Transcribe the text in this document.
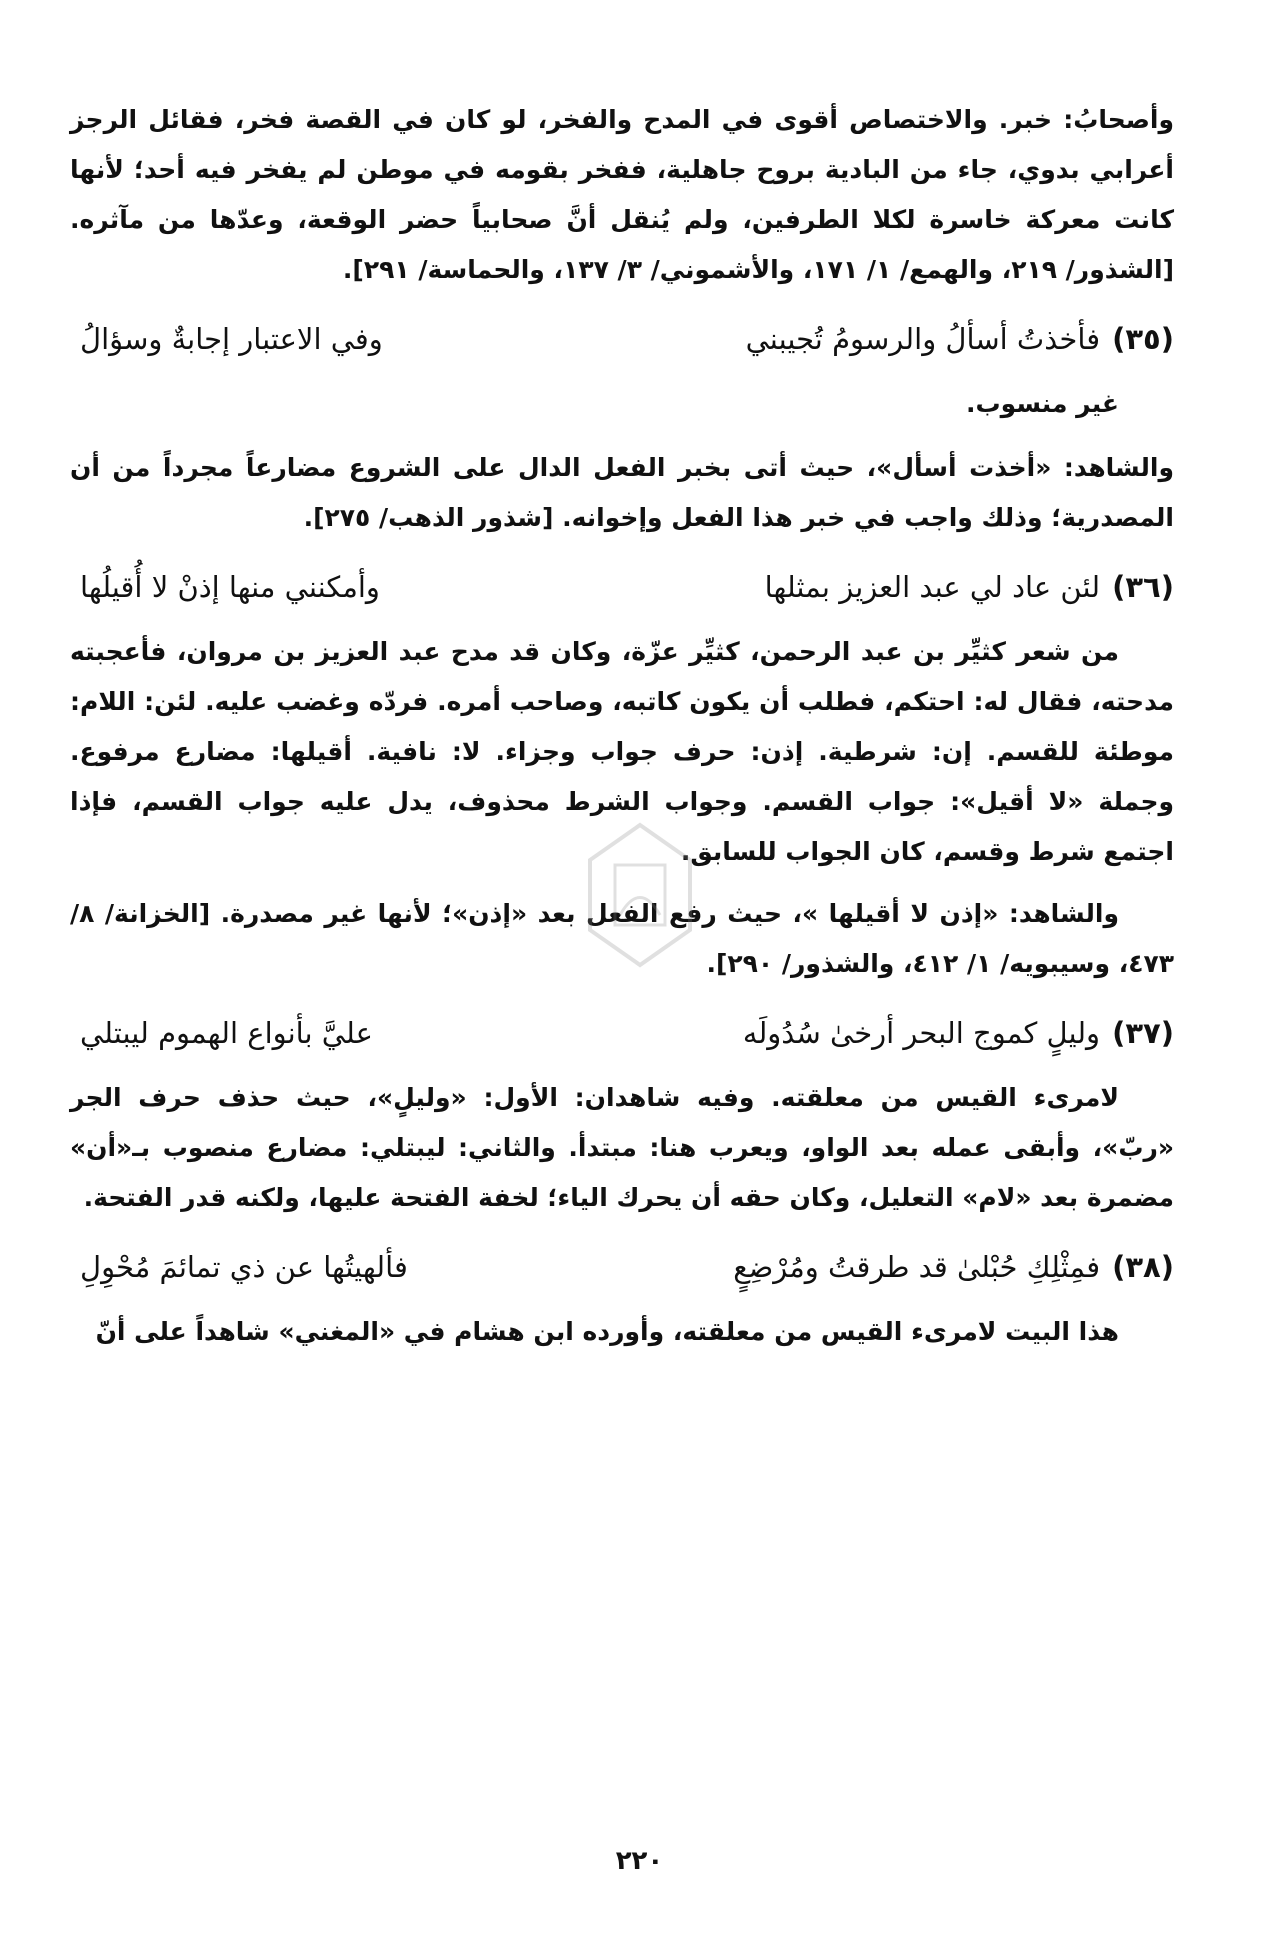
وأصحابُ: خبر. والاختصاص أقوى في المدح والفخر، لو كان في القصة فخر، فقائل الرجز أعرابي بدوي، جاء من البادية بروح جاهلية، ففخر بقومه في موطن لم يفخر فيه أحد؛ لأنها كانت معركة خاسرة لكلا الطرفين، ولم يُنقل أنَّ صحابياً حضر الوقعة، وعدّها من مآثره. [الشذور/ ٢١٩، والهمع/ ١/ ١٧١، والأشموني/ ٣/ ١٣٧، والحماسة/ ٢٩١].

(٣٥)فأخذتُ أسألُ والرسومُ تُجيبني
وفي الاعتبار إجابةٌ وسؤالُ

غير منسوب.

والشاهد: «أخذت أسأل»، حيث أتى بخبر الفعل الدال على الشروع مضارعاً مجرداً من أن المصدرية؛ وذلك واجب في خبر هذا الفعل وإخوانه. [شذور الذهب/ ٢٧٥].

(٣٦)لئن عاد لي عبد العزيز بمثلها
وأمكنني منها إذنْ لا أُقيلُها

من شعر كثيِّر بن عبد الرحمن، كثيِّر عزّة، وكان قد مدح عبد العزيز بن مروان، فأعجبته مدحته، فقال له: احتكم، فطلب أن يكون كاتبه، وصاحب أمره. فردّه وغضب عليه. لئن: اللام: موطئة للقسم. إن: شرطية. إذن: حرف جواب وجزاء. لا: نافية. أقيلها: مضارع مرفوع. وجملة «لا أقيل»: جواب القسم. وجواب الشرط محذوف، يدل عليه جواب القسم، فإذا اجتمع شرط وقسم، كان الجواب للسابق.

والشاهد: «إذن لا أقيلها »، حيث رفع الفعل بعد «إذن»؛ لأنها غير مصدرة. [الخزانة/ ٨/ ٤٧٣، وسيبويه/ ١/ ٤١٢، والشذور/ ٢٩٠].

(٣٧)وليلٍ كموج البحر أرخىٰ سُدُولَه
عليَّ بأنواع الهموم ليبتلي

لامرىء القيس من معلقته. وفيه شاهدان: الأول: «وليلٍ»، حيث حذف حرف الجر «ربّ»، وأبقى عمله بعد الواو، ويعرب هنا: مبتدأ. والثاني: ليبتلي: مضارع منصوب بـ«أن» مضمرة بعد «لام» التعليل، وكان حقه أن يحرك الياء؛ لخفة الفتحة عليها، ولكنه قدر الفتحة.

(٣٨)فمِثْلِكِ حُبْلىٰ قد طرقتُ ومُرْضِعٍ
فألهيتُها عن ذي تمائمَ مُحْوِلِ

هذا البيت لامرىء القيس من معلقته، وأورده ابن هشام في «المغني» شاهداً على أنّ

٢٢٠
